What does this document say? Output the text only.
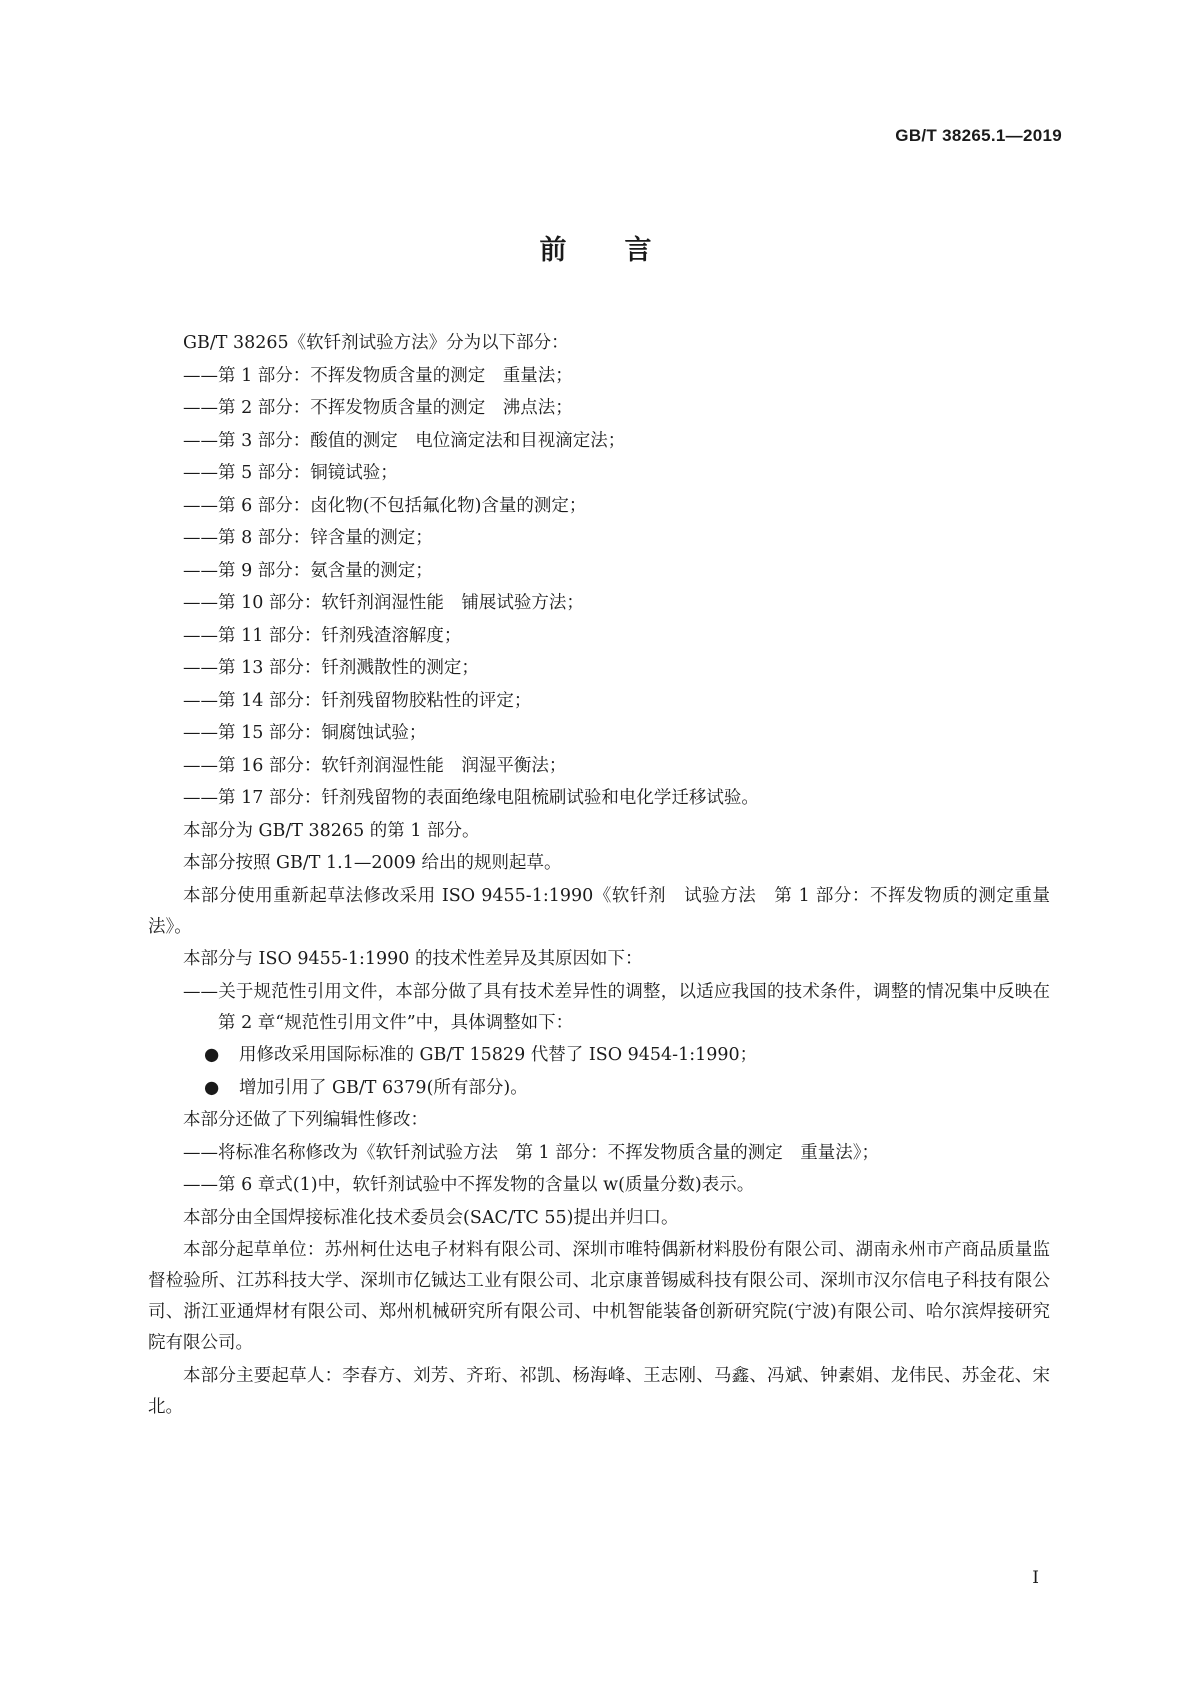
GB/T 38265.1—2019
前言
GB/T 38265《软钎剂试验方法》分为以下部分：
——第 1 部分：不挥发物质含量的测定　重量法；
——第 2 部分：不挥发物质含量的测定　沸点法；
——第 3 部分：酸值的测定　电位滴定法和目视滴定法；
——第 5 部分：铜镜试验；
——第 6 部分：卤化物(不包括氟化物)含量的测定；
——第 8 部分：锌含量的测定；
——第 9 部分：氨含量的测定；
——第 10 部分：软钎剂润湿性能　铺展试验方法；
——第 11 部分：钎剂残渣溶解度；
——第 13 部分：钎剂溅散性的测定；
——第 14 部分：钎剂残留物胶粘性的评定；
——第 15 部分：铜腐蚀试验；
——第 16 部分：软钎剂润湿性能　润湿平衡法；
——第 17 部分：钎剂残留物的表面绝缘电阻梳刷试验和电化学迁移试验。
本部分为 GB/T 38265 的第 1 部分。
本部分按照 GB/T 1.1—2009 给出的规则起草。
本部分使用重新起草法修改采用 ISO 9455-1:1990《软钎剂　试验方法　第 1 部分：不挥发物质的测定重量法》。
本部分与 ISO 9455-1:1990 的技术性差异及其原因如下：
——关于规范性引用文件，本部分做了具有技术差异性的调整，以适应我国的技术条件，调整的情况集中反映在第 2 章“规范性引用文件”中，具体调整如下：
● 用修改采用国际标准的 GB/T 15829 代替了 ISO 9454-1:1990；
● 增加引用了 GB/T 6379(所有部分)。
本部分还做了下列编辑性修改：
——将标准名称修改为《软钎剂试验方法　第 1 部分：不挥发物质含量的测定　重量法》；
——第 6 章式(1)中，软钎剂试验中不挥发物的含量以 w(质量分数)表示。
本部分由全国焊接标准化技术委员会(SAC/TC 55)提出并归口。
本部分起草单位：苏州柯仕达电子材料有限公司、深圳市唯特偶新材料股份有限公司、湖南永州市产商品质量监督检验所、江苏科技大学、深圳市亿铖达工业有限公司、北京康普锡威科技有限公司、深圳市汉尔信电子科技有限公司、浙江亚通焊材有限公司、郑州机械研究所有限公司、中机智能装备创新研究院(宁波)有限公司、哈尔滨焊接研究院有限公司。
本部分主要起草人：李春方、刘芳、齐珩、祁凯、杨海峰、王志刚、马鑫、冯斌、钟素娟、龙伟民、苏金花、宋北。
I
